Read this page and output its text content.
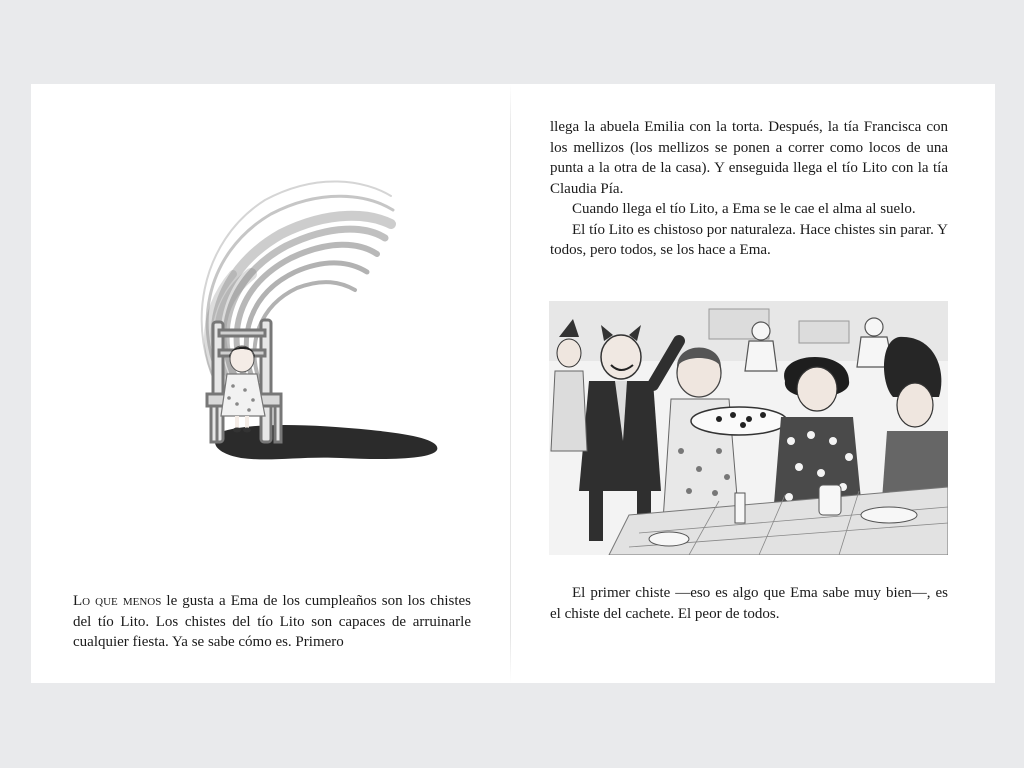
Lo que menos le gusta a Ema de los cumpleaños son los chistes del tío Lito. Los chistes del tío Lito son capaces de arruinarle cualquier fiesta. Ya se sabe cómo es. Primero

llega la abuela Emilia con la torta. Después, la tía Francisca con los mellizos (los mellizos se ponen a correr como locos de una punta a la otra de la casa). Y enseguida llega el tío Lito con la tía Claudia Pía.

Cuando llega el tío Lito, a Ema se le cae el alma al suelo.

El tío Lito es chistoso por naturaleza. Hace chistes sin parar. Y todos, pero todos, se los hace a Ema.

El primer chiste —eso es algo que Ema sabe muy bien—, es el chiste del cachete. El peor de todos.
